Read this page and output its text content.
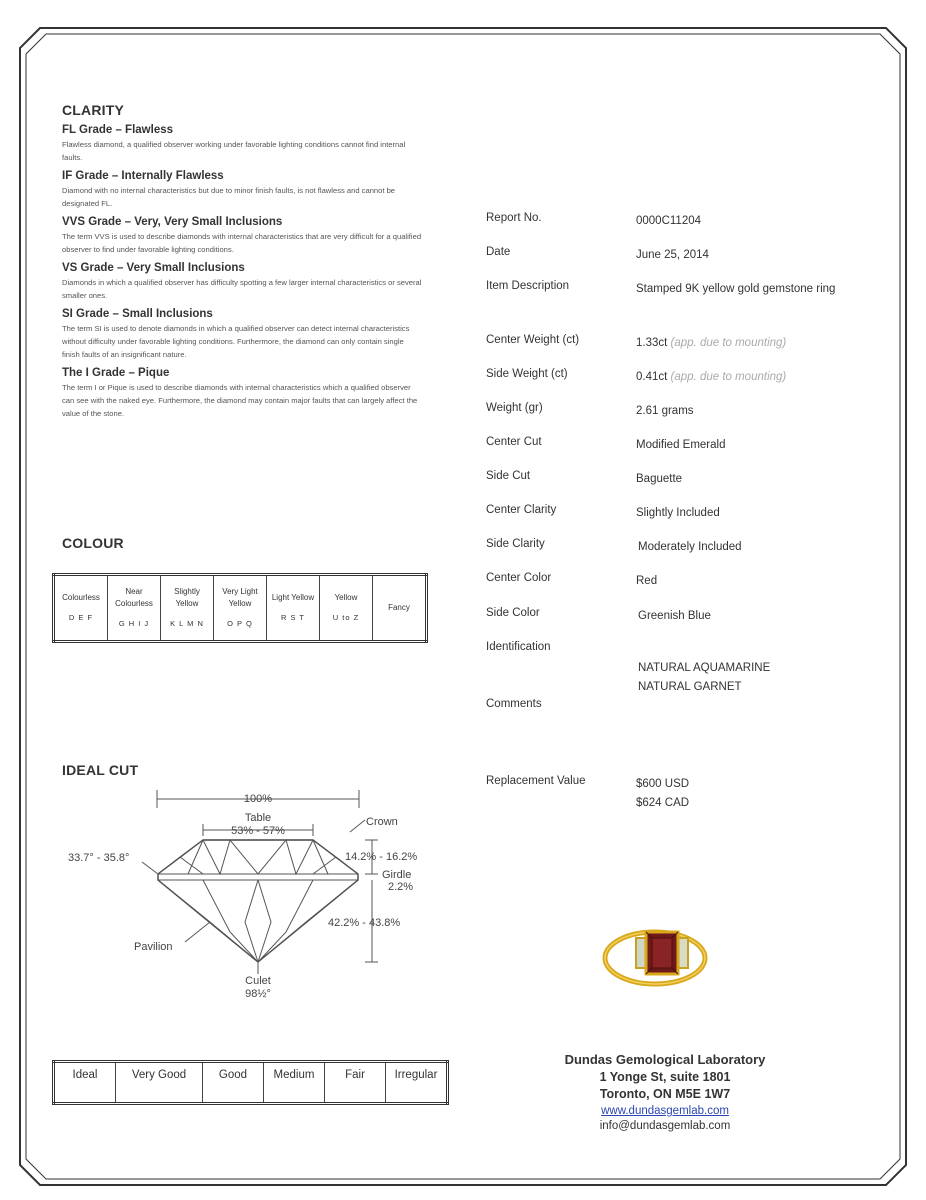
CLARITY
FL Grade – Flawless
Flawless diamond, a qualified observer working under favorable lighting conditions cannot find internal faults.
IF Grade – Internally Flawless
Diamond with no internal characteristics but due to minor finish faults, is not flawless and cannot be designated FL.
VVS Grade – Very, Very Small Inclusions
The term VVS is used to describe diamonds with internal characteristics that are very difficult for a qualified observer to find under favorable lighting conditions.
VS Grade – Very Small Inclusions
Diamonds in which a qualified observer has difficulty spotting a few larger internal characteristics or several smaller ones.
SI Grade – Small Inclusions
The term SI is used to denote diamonds in which a qualified observer can detect internal characteristics without difficulty under favorable lighting conditions. Furthermore, the diamond can only contain single finish faults of an insignificant nature.
The I Grade – Pique
The term I or Pique is used to describe diamonds with internal characteristics which a qualified observer can see with the naked eye. Furthermore, the diamond may contain major faults that can largely affect the value of the stone.
COLOUR
Colourless
D E F

Near Colourless
G H I J

Slightly Yellow
K L M N

Very Light Yellow
O P Q

Light Yellow
R S T

Yellow
U to Z

Fancy
IDEAL CUT
100%
Table
53% - 57%
Crown
33.7° - 35.8°	14.2% - 16.2%
Girdle
2.2%
42.2% - 43.8%
Pavilion
Culet
98½°
Ideal	Very Good	Good	Medium	Fair	Irregular
Report No.	0000C11204
Date	June 25, 2014
Item Description	Stamped 9K yellow gold gemstone ring
Center Weight (ct)	1.33ct (app. due to mounting)
Side Weight (ct)	0.41ct (app. due to mounting)
Weight (gr)	2.61 grams
Center Cut	Modified Emerald
Side Cut	Baguette
Center Clarity	Slightly Included
Side Clarity	Moderately Included
Center Color	Red
Side Color	Greenish Blue
Identification
NATURAL AQUAMARINE
NATURAL GARNET
Comments
Replacement Value	$600 USD
$624 CAD
Dundas Gemological Laboratory
1 Yonge St, suite 1801
Toronto, ON M5E 1W7
www.dundasgemlab.com
info@dundasgemlab.com
